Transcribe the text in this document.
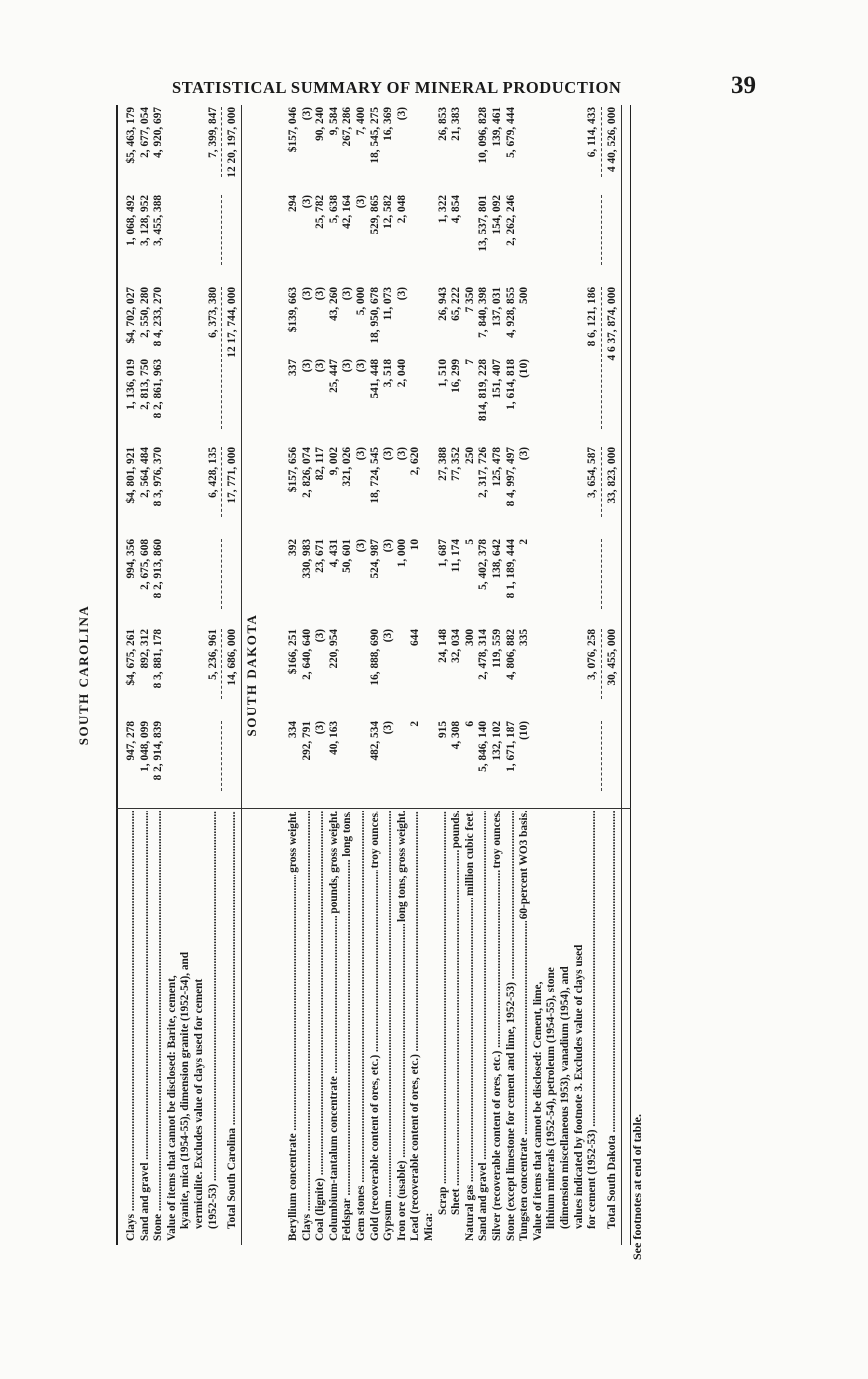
STATISTICAL SUMMARY OF MINERAL PRODUCTION	39
SOUTH CAROLINA
Clays .....
947, 278
$4, 675, 261
994, 356
$4, 801, 921
1, 136, 019
$4, 702, 027
1, 068, 492
$5, 463, 179
Sand and gravel .....
1, 048, 099
892, 312
2, 675, 608
2, 564, 484
2, 813, 750
2, 550, 280
3, 128, 952
2, 677, 054
Stone .....
8 2, 914, 839
8 3, 881, 178
8 2, 913, 860
8 3, 976, 370
8 2, 861, 963
8 4, 233, 270
3, 455, 388
4, 920, 697
Value of items that cannot be disclosed: Barite, cement, kyanite, mica (1954-55), dimension granite (1952-54), and vermiculite. Excludes value of clays used for cement (1952-53) .....
5, 236, 961
6, 428, 135
6, 373, 380
7, 399, 847
Total South Carolina .....
14, 686, 000
17, 771, 000
12 17, 744, 000
12 20, 197, 000
SOUTH DAKOTA
Beryllium concentrate
gross weight
.....
334
$166, 251
392
$157, 656
337
$139, 663
294
$157, 046
Clays .....
292, 791
2, 640, 640
330, 983
2, 826, 074
(3)
(3)
(3)
(3)
Coal (lignite) .....
(3)
(3)
23, 671
82, 117
(3)
(3)
25, 782
90, 240
Columbium-tantalum concentrate
pounds, gross weight
.....
40, 163
220, 954
4, 431
9, 002
25, 447
43, 260
5, 638
9, 584
Feldspar
long tons
.....
50, 601
321, 026
(3)
(3)
42, 164
267, 286
Gem stones .....
(3)
(3)
(3)
5, 000
(3)
7, 400
Gold (recoverable content of ores, etc.)
troy ounces
.....
482, 534
16, 888, 690
524, 987
18, 724, 545
541, 448
18, 950, 678
529, 865
18, 545, 275
Gypsum .....
(3)
(3)
(3)
(3)
3, 518
11, 073
12, 582
16, 369
Iron ore (usable)
long tons, gross weight
.....
1, 000
(3)
2, 040
(3)
2, 048
(3)
Lead (recoverable content of ores, etc.) .....
2
644
10
2, 620
Mica:
Scrap .....
915
24, 148
1, 687
27, 388
1, 510
26, 943
1, 322
26, 853
Sheet
pounds
.....
4, 308
32, 034
11, 174
77, 352
16, 299
65, 222
4, 854
21, 383
Natural gas
million cubic feet
.....
6
300
5
250
7
7 350
Sand and gravel .....
5, 846, 140
2, 478, 314
5, 402, 378
2, 317, 726
814, 819, 228
7, 840, 398
13, 537, 801
10, 096, 828
Silver (recoverable content of ores, etc.)
troy ounces
.....
132, 102
119, 559
138, 642
125, 478
151, 407
137, 031
154, 092
139, 461
Stone (except limestone for cement and lime, 1952-53) .....
1, 671, 187
4, 806, 882
8 1, 189, 444
8 4, 997, 497
1, 614, 818
4, 928, 855
2, 262, 246
5, 679, 444
Tungsten concentrate
60-percent WO3 basis
.....
(10)
335
2
(3)
(10)
500
Value of items that cannot be disclosed: Cement, lime, lithium minerals (1952-54), petroleum (1954-55), stone (dimension miscellaneous 1953), vanadium (1954), and values indicated by footnote 3. Excludes value of clays used for cement (1952-53) .....
3, 076, 258
3, 654, 587
8 6, 121, 186
6, 114, 433
Total South Dakota .....
30, 455, 000
33, 823, 000
4 6 37, 874, 000
4 40, 526, 000
See footnotes at end of table.
